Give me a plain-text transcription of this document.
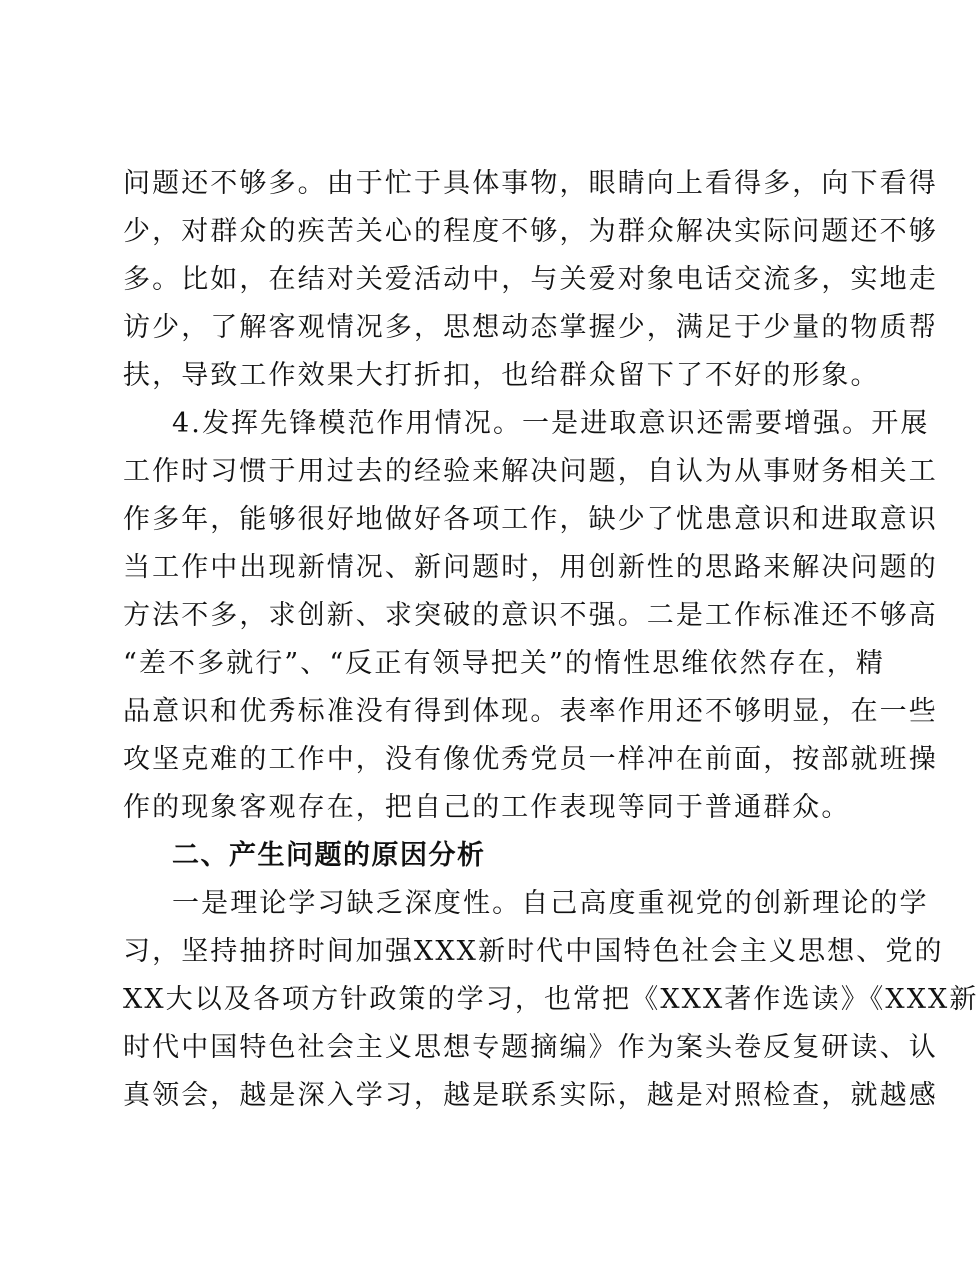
问题还不够多。由于忙于具体事物，眼睛向上看得多，向下看得
少，对群众的疾苦关心的程度不够，为群众解决实际问题还不够
多。比如，在结对关爱活动中，与关爱对象电话交流多，实地走
访少，了解客观情况多，思想动态掌握少，满足于少量的物质帮
扶，导致工作效果大打折扣，也给群众留下了不好的形象。
4.发挥先锋模范作用情况。一是进取意识还需要增强。开展
工作时习惯于用过去的经验来解决问题，自认为从事财务相关工
作多年，能够很好地做好各项工作，缺少了忧患意识和进取意识
当工作中出现新情况、新问题时，用创新性的思路来解决问题的
方法不多，求创新、求突破的意识不强。二是工作标准还不够高
“差不多就行”、“反正有领导把关”的惰性思维依然存在，精
品意识和优秀标准没有得到体现。表率作用还不够明显，在一些
攻坚克难的工作中，没有像优秀党员一样冲在前面，按部就班操
作的现象客观存在，把自己的工作表现等同于普通群众。
二、产生问题的原因分析
一是理论学习缺乏深度性。自己高度重视党的创新理论的学
习，坚持抽挤时间加强XXX新时代中国特色社会主义思想、党的
XX大以及各项方针政策的学习，也常把《XXX著作选读》《XXX新
时代中国特色社会主义思想专题摘编》作为案头卷反复研读、认
真领会，越是深入学习，越是联系实际，越是对照检查，就越感
